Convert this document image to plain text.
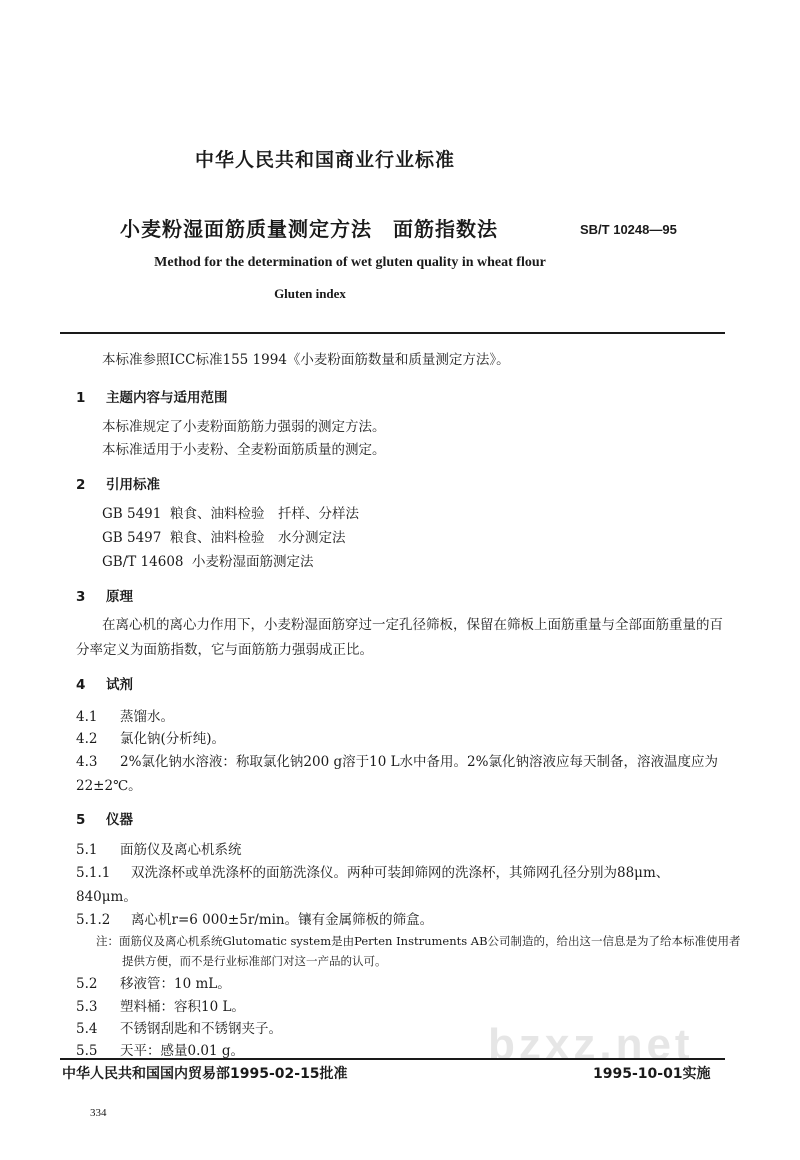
中华人民共和国商业行业标准
小麦粉湿面筋质量测定方法　面筋指数法	SB/T 10248—95
Method for the determination of wet gluten quality in wheat flour
Gluten index
本标准参照ICC标准155 1994《小麦粉面筋数量和质量测定方法》。
1 主题内容与适用范围
本标准规定了小麦粉面筋筋力强弱的测定方法。
本标准适用于小麦粉、全麦粉面筋质量的测定。
2 引用标准
GB 5491 粮食、油料检验　扦样、分样法
GB 5497 粮食、油料检验　水分测定法
GB/T 14608 小麦粉湿面筋测定法
3 原理
在离心机的离心力作用下，小麦粉湿面筋穿过一定孔径筛板，保留在筛板上面筋重量与全部面筋重量的百分率定义为面筋指数，它与面筋筋力强弱成正比。
4 试剂
4.1 蒸馏水。
4.2 氯化钠(分析纯)。
4.3 2%氯化钠水溶液：称取氯化钠200 g溶于10 L水中备用。2%氯化钠溶液应每天制备，溶液温度应为22±2℃。
5 仪器
5.1 面筋仪及离心机系统
5.1.1 双洗涤杯或单洗涤杯的面筋洗涤仪。两种可装卸筛网的洗涤杯，其筛网孔径分别为88μm、840μm。
5.1.2 离心机r=6 000±5r/min。镶有金属筛板的筛盒。
注：面筋仪及离心机系统Glutomatic system是由Perten Instruments AB公司制造的，给出这一信息是为了给本标准使用者提供方便，而不是行业标准部门对这一产品的认可。
5.2 移液管：10 mL。
5.3 塑料桶：容积10 L。
5.4 不锈钢刮匙和不锈钢夹子。
5.5 天平：感量0.01 g。	bzxz.net
中华人民共和国国内贸易部1995-02-15批准	1995-10-01实施
334
